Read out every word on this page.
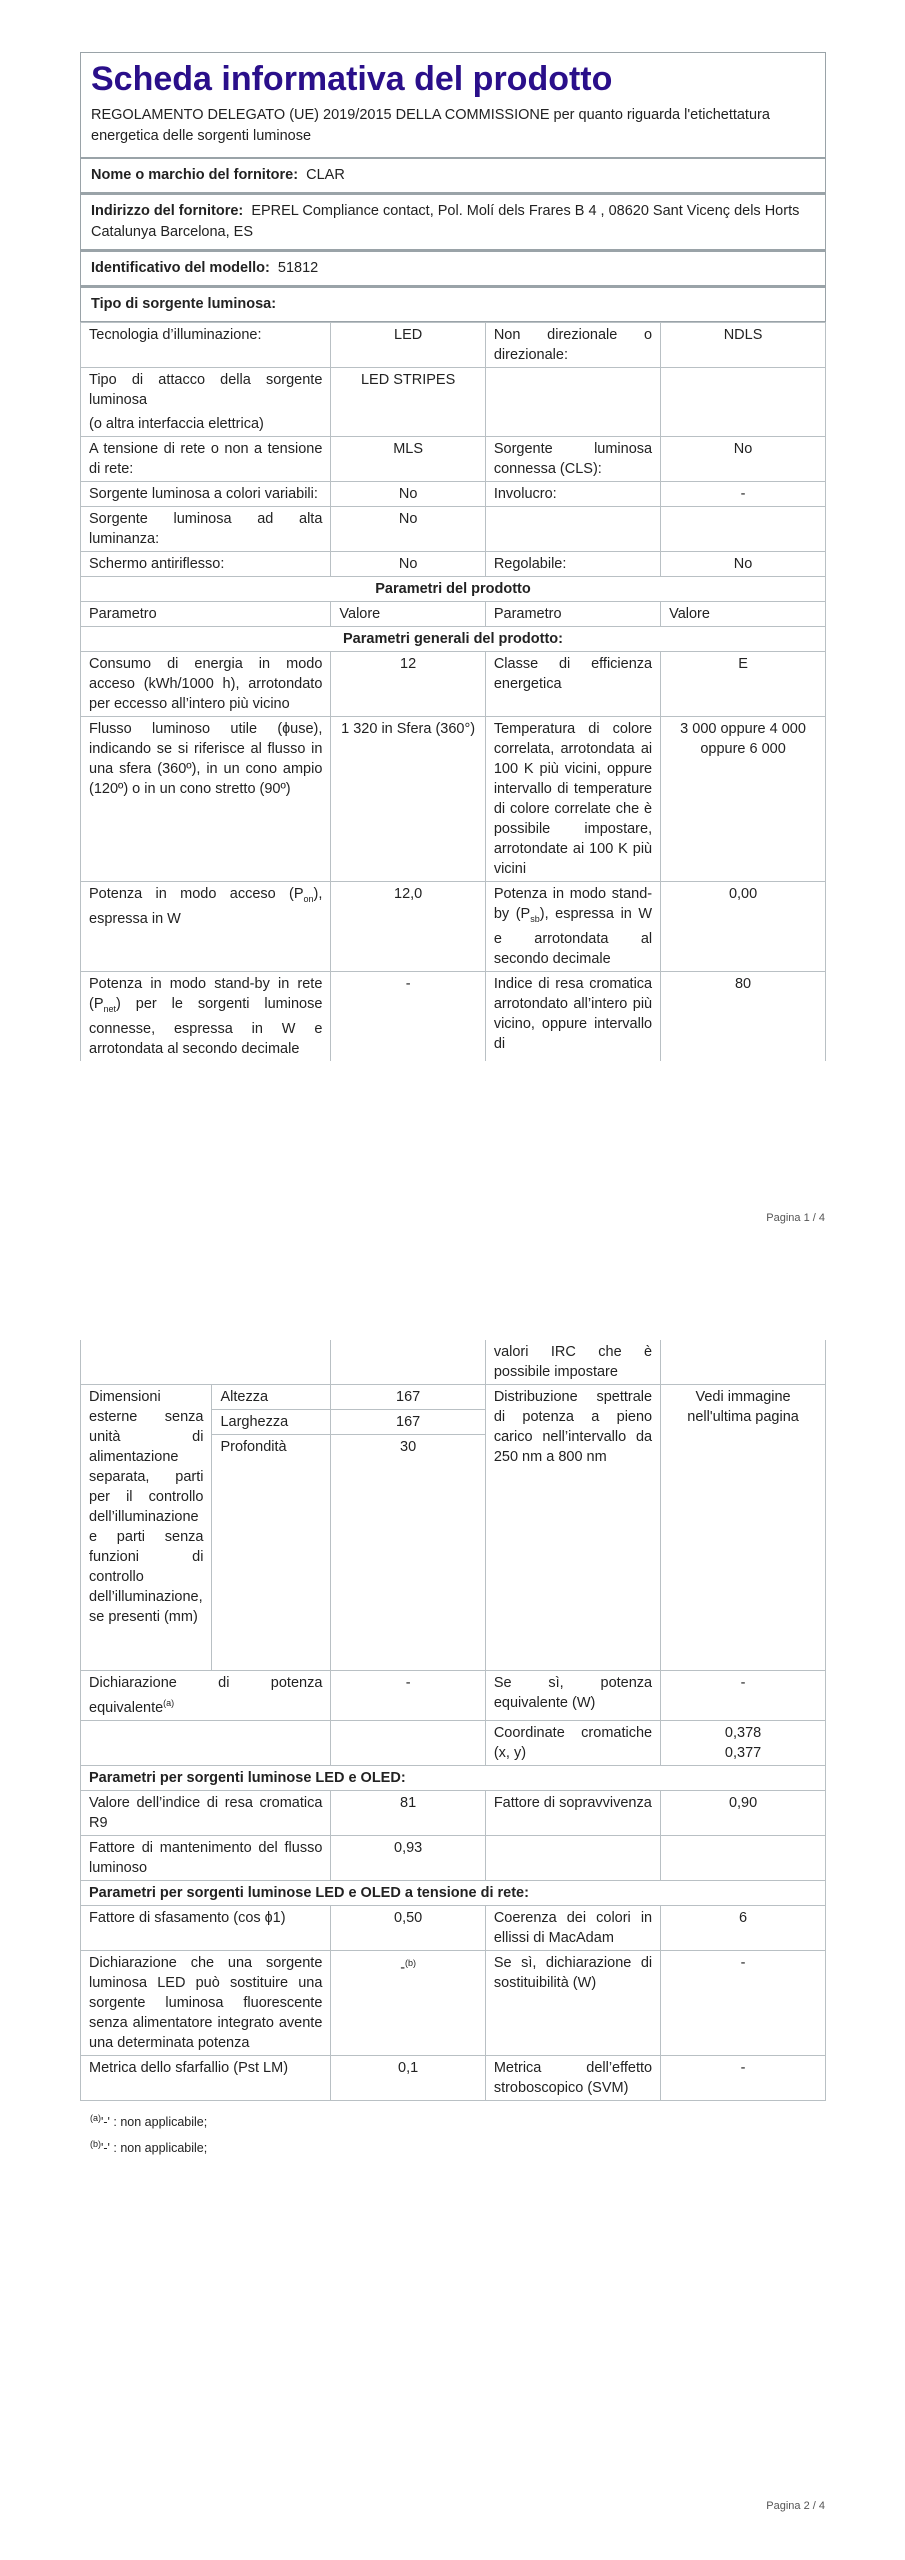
Scheda informativa del prodotto

REGOLAMENTO DELEGATO (UE) 2019/2015 DELLA COMMISSIONE per quanto riguarda l'etichettatura energetica delle sorgenti luminose

Nome o marchio del fornitore: CLAR
Indirizzo del fornitore: EPREL Compliance contact, Pol. Molí dels Frares B 4 , 08620 Sant Vicenç dels Horts Catalunya Barcelona, ES
Identificativo del modello: 51812
Tipo di sorgente luminosa:
Tecnologia d’illuminazione:	LED	Non direzionale o direzionale:	NDLS

Tipo di attacco della sorgente luminosa
(o altra interfaccia elettrica)	LED STRIPES		
A tensione di rete o non a tensione di rete:	MLS	Sorgente luminosa connessa (CLS):	No
Sorgente luminosa a colori variabili:	No	Involucro:	-
Sorgente luminosa ad alta luminanza:	No		
Schermo antiriflesso:	No	Regolabile:	No
Parametri del prodotto			
Parametro	Valore	Parametro	Valore
Parametri generali del prodotto:			
Consumo di energia in modo acceso (kWh/1000 h), arrotondato per eccesso all’intero più vicino	12	Classe di efficienza energetica	E
Flusso luminoso utile (ɸuse), indicando se si riferisce al flusso in una sfera (360º), in un cono ampio (120º) o in un cono stretto (90º)	1 320 in Sfera (360°)	Temperatura di colore correlata, arrotondata ai 100 K più vicini, oppure intervallo di temperature di colore correlate che è possibile impostare, arrotondate ai 100 K più vicini	3 000 oppure 4 000 oppure 6 000
Potenza in modo acceso $(P_{on})$, espressa in W	12,0	Potenza in modo stand-by $(P_{sb})$, espressa in W e arrotondata al secondo decimale	0,00
Potenza in modo stand-by in rete $(P_{net})$ per le sorgenti luminose connesse, espressa in W e arrotondata al secondo decimale	-	Indice di resa cromatica arrotondato all’intero più vicino, oppure intervallo di	80
Pagina 1 / 4
			valori IRC che è possibile impostare	
Dimensioni esterne senza unità di alimentazione separata, parti per il controllo dell’illuminazione e parti senza funzioni di controllo dell’illuminazione, se presenti (mm)	Altezza	167	Distribuzione spettrale di potenza a pieno carico nell’intervallo da 250 nm a 800 nm	Vedi immagine nell'ultima pagina
	Larghezza	167		
	Profondità	30		
Dichiarazione di potenza equivalente$^{(a)}$		-	Se sì, potenza equivalente (W)	-
			Coordinate cromatiche (x, y)	0,378
0,377

Parametri per sorgenti luminose LED e OLED:				
Valore dell’indice di resa cromatica R9		81	Fattore di sopravvivenza	0,90
Fattore di mantenimento del flusso luminoso		0,93		
Parametri per sorgenti luminose LED e OLED a tensione di rete:				
Fattore di sfasamento (cos ɸ1)		0,50	Coerenza dei colori in ellissi di MacAdam	6
Dichiarazione che una sorgente luminosa LED può sostituire una sorgente luminosa fluorescente senza alimentatore integrato avente una determinata potenza		-$^{(b)}$	Se sì, dichiarazione di sostituibilità (W)	-
Metrica dello sfarfallio (Pst LM)		0,1	Metrica dell’effetto stroboscopico (SVM)	-
$^{(a)}$'-' : non applicabile;
$^{(b)}$'-' : non applicabile;
Pagina 2 / 4
